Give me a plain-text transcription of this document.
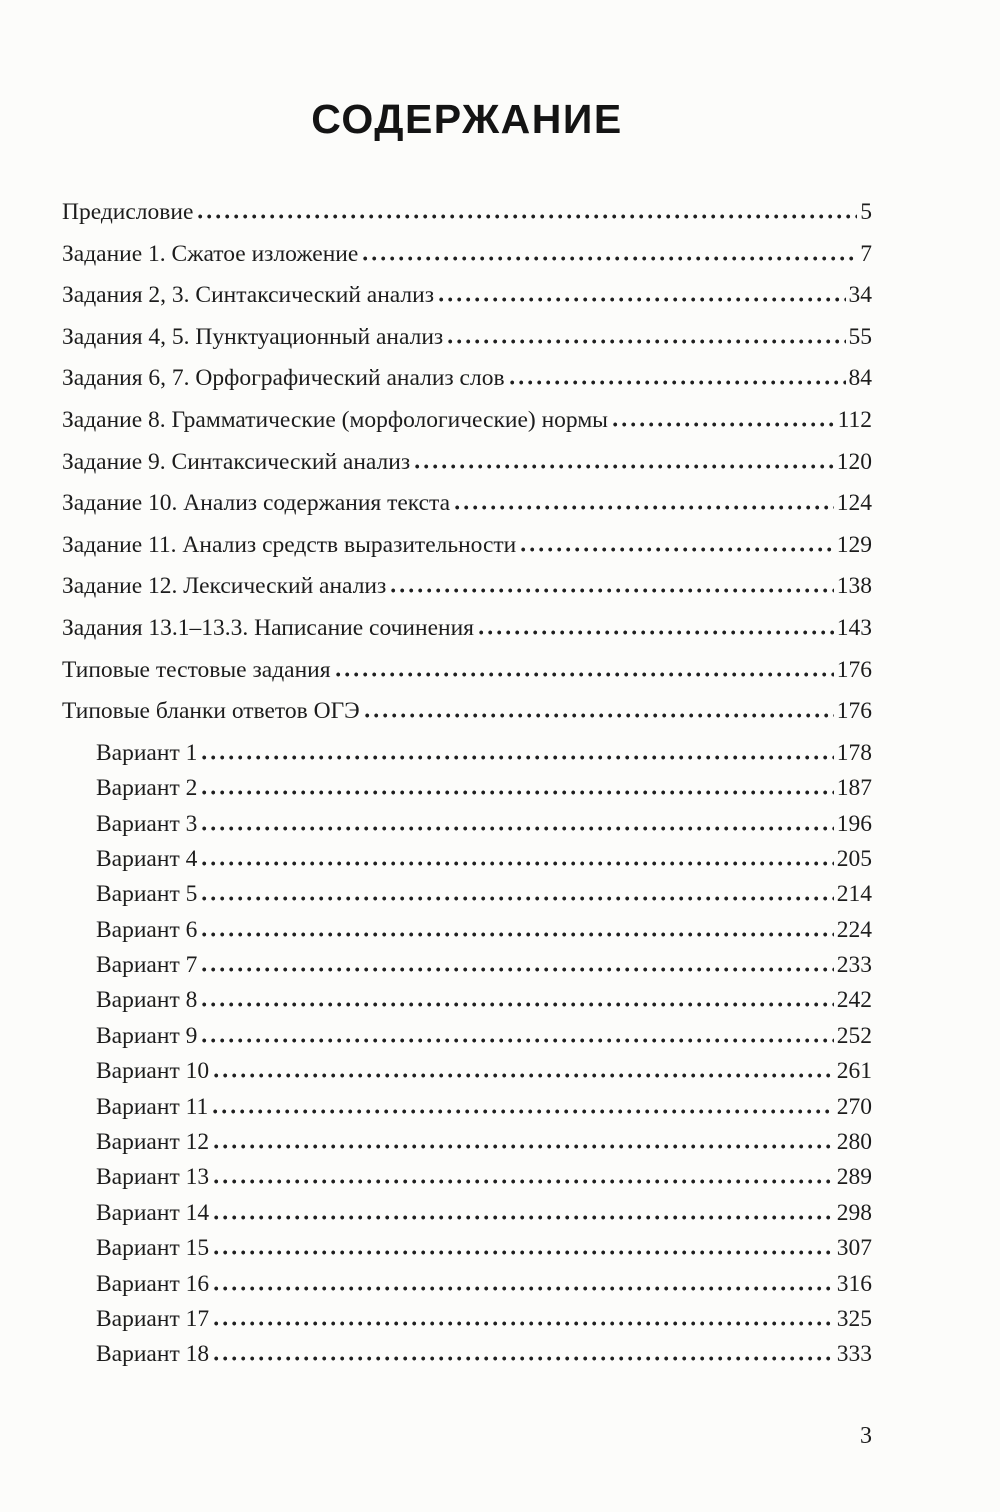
СОДЕРЖАНИЕ
Предисловие	5
Задание 1. Сжатое изложение	7
Задания 2, 3. Синтаксический анализ	34
Задания 4, 5. Пунктуационный анализ	55
Задания 6, 7. Орфографический анализ слов	84
Задание 8. Грамматические (морфологические) нормы	112
Задание 9. Синтаксический анализ	120
Задание 10. Анализ содержания текста	124
Задание 11. Анализ средств выразительности	129
Задание 12. Лексический анализ	138
Задания 13.1–13.3. Написание сочинения	143
Типовые тестовые задания	176
Типовые бланки ответов ОГЭ	176
Вариант 1	178
Вариант 2	187
Вариант 3	196
Вариант 4	205
Вариант 5	214
Вариант 6	224
Вариант 7	233
Вариант 8	242
Вариант 9	252
Вариант 10	261
Вариант 11	270
Вариант 12	280
Вариант 13	289
Вариант 14	298
Вариант 15	307
Вариант 16	316
Вариант 17	325
Вариант 18	333
3
